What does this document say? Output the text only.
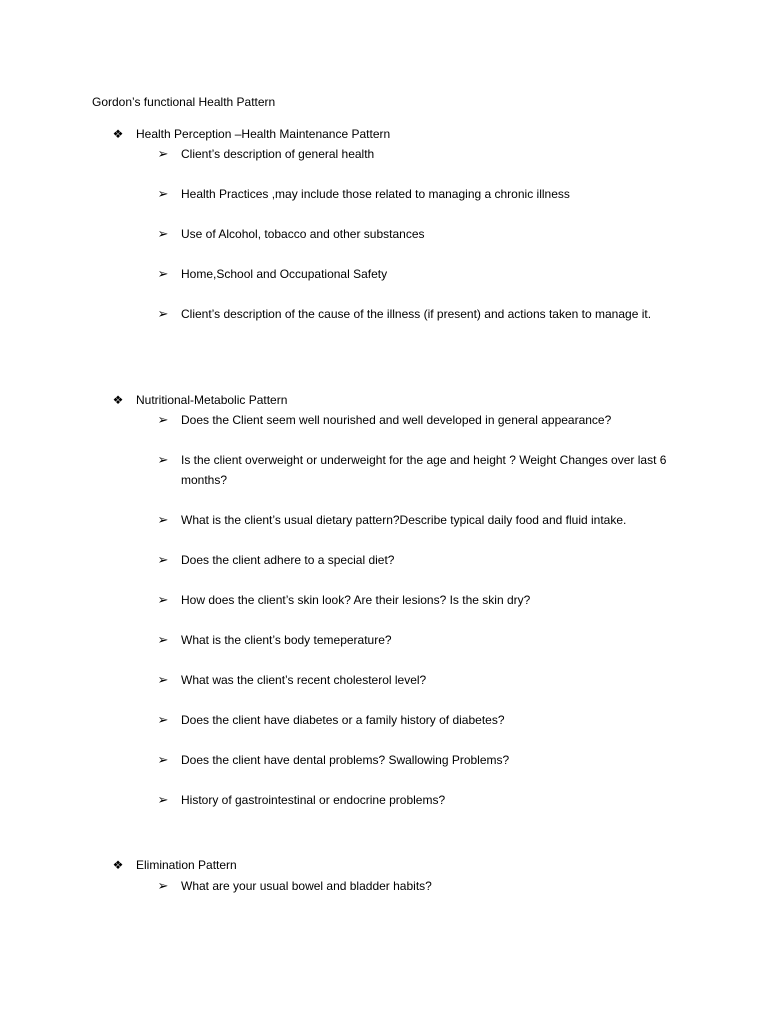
Gordon’s functional Health Pattern
❖ Health Perception –Health Maintenance Pattern
➢ Client’s description of general health
➢ Health Practices ,may include those related to managing a chronic illness
➢ Use of Alcohol, tobacco and other substances
➢ Home,School and Occupational Safety
➢ Client’s description of the cause of the illness (if present) and actions taken to manage it.
❖ Nutritional-Metabolic Pattern
➢ Does the Client seem well nourished and well developed in general appearance?
➢ Is the client overweight or underweight for the age and height ? Weight Changes over last 6 months?
➢ What is the client’s usual dietary pattern?Describe typical daily food and fluid intake.
➢ Does the client adhere to a special diet?
➢ How does the client’s skin look? Are their lesions? Is the skin dry?
➢ What is the client’s body temeperature?
➢ What was the client’s recent cholesterol level?
➢ Does the client have diabetes or a family history of diabetes?
➢ Does the client have dental problems? Swallowing Problems?
➢ History of gastrointestinal or endocrine problems?
❖ Elimination Pattern
➢ What are your usual bowel and bladder habits?
